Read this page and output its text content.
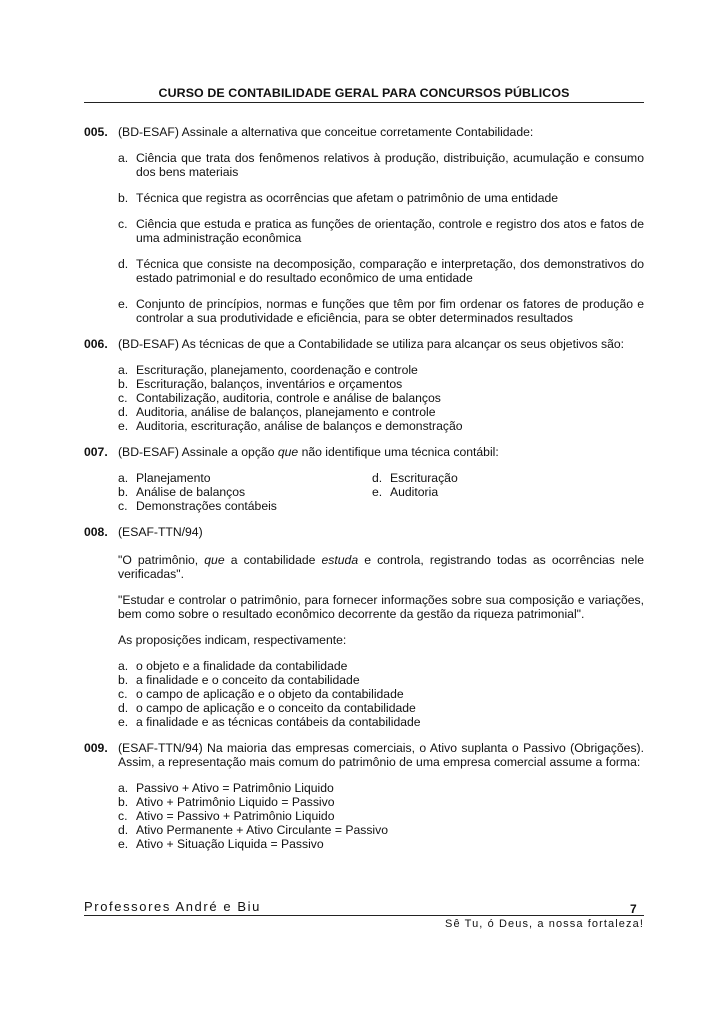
CURSO DE CONTABILIDADE GERAL PARA CONCURSOS PÚBLICOS
005. (BD-ESAF) Assinale a alternativa que conceitue corretamente Contabilidade:

a. Ciência que trata dos fenômenos relativos à produção, distribuição, acumulação e consumo dos bens materiais
b. Técnica que registra as ocorrências que afetam o patrimônio de uma entidade
c. Ciência que estuda e pratica as funções de orientação, controle e registro dos atos e fatos de uma administração econômica
d. Técnica que consiste na decomposição, comparação e interpretação, dos demonstrativos do estado patrimonial e do resultado econômico de uma entidade
e. Conjunto de princípios, normas e funções que têm por fim ordenar os fatores de produção e controlar a sua produtividade e eficiência, para se obter determinados resultados
006. (BD-ESAF) As técnicas de que a Contabilidade se utiliza para alcançar os seus objetivos são:

a. Escrituração, planejamento, coordenação e controle
b. Escrituração, balanços, inventários e orçamentos
c. Contabilização, auditoria, controle e análise de balanços
d. Auditoria, análise de balanços, planejamento e controle
e. Auditoria, escrituração, análise de balanços e demonstração
007. (BD-ESAF) Assinale a opção que não identifique uma técnica contábil:

a. Planejamento
b. Análise de balanços
c. Demonstrações contábeis
d. Escrituração
e. Auditoria
008. (ESAF-TTN/94)

"O patrimônio, que a contabilidade estuda e controla, registrando todas as ocorrências nele verificadas".

"Estudar e controlar o patrimônio, para fornecer informações sobre sua composição e variações, bem como sobre o resultado econômico decorrente da gestão da riqueza patrimonial".

As proposições indicam, respectivamente:

a. o objeto e a finalidade da contabilidade
b. a finalidade e o conceito da contabilidade
c. o campo de aplicação e o objeto da contabilidade
d. o campo de aplicação e o conceito da contabilidade
e. a finalidade e as técnicas contábeis da contabilidade
009. (ESAF-TTN/94) Na maioria das empresas comerciais, o Ativo suplanta o Passivo (Obrigações). Assim, a representação mais comum do patrimônio de uma empresa comercial assume a forma:

a. Passivo + Ativo = Patrimônio Liquido
b. Ativo + Patrimônio Liquido = Passivo
c. Ativo = Passivo + Patrimônio Liquido
d. Ativo Permanente + Ativo Circulante = Passivo
e. Ativo + Situação Liquida = Passivo
Professores André e Biu	7
Sê Tu, ó Deus, a nossa fortaleza!
